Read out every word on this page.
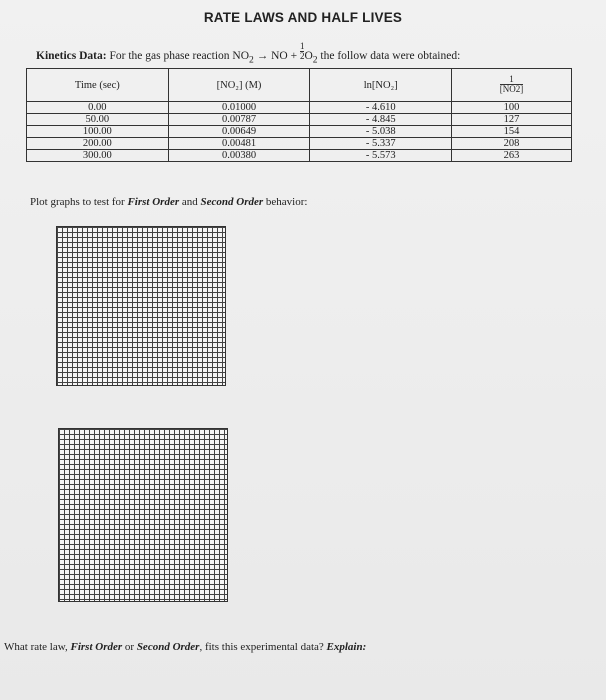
RATE LAWS AND HALF LIVES
Kinetics Data: For the gas phase reaction $NO_2$ → NO + $\frac{1}{2}O_2$ the follow data were obtained:
Time (sec)	[NO₂] (M)	ln[NO₂]	$\frac{1}{[NO2]}$
0.00	0.01000	- 4.610	100
50.00	0.00787	- 4.845	127
100.00	0.00649	- 5.038	154
200.00	0.00481	- 5.337	208
300.00	0.00380	- 5.573	263
Plot graphs to test for First Order and Second Order behavior:
What rate law, First Order or Second Order, fits this experimental data? Explain:
